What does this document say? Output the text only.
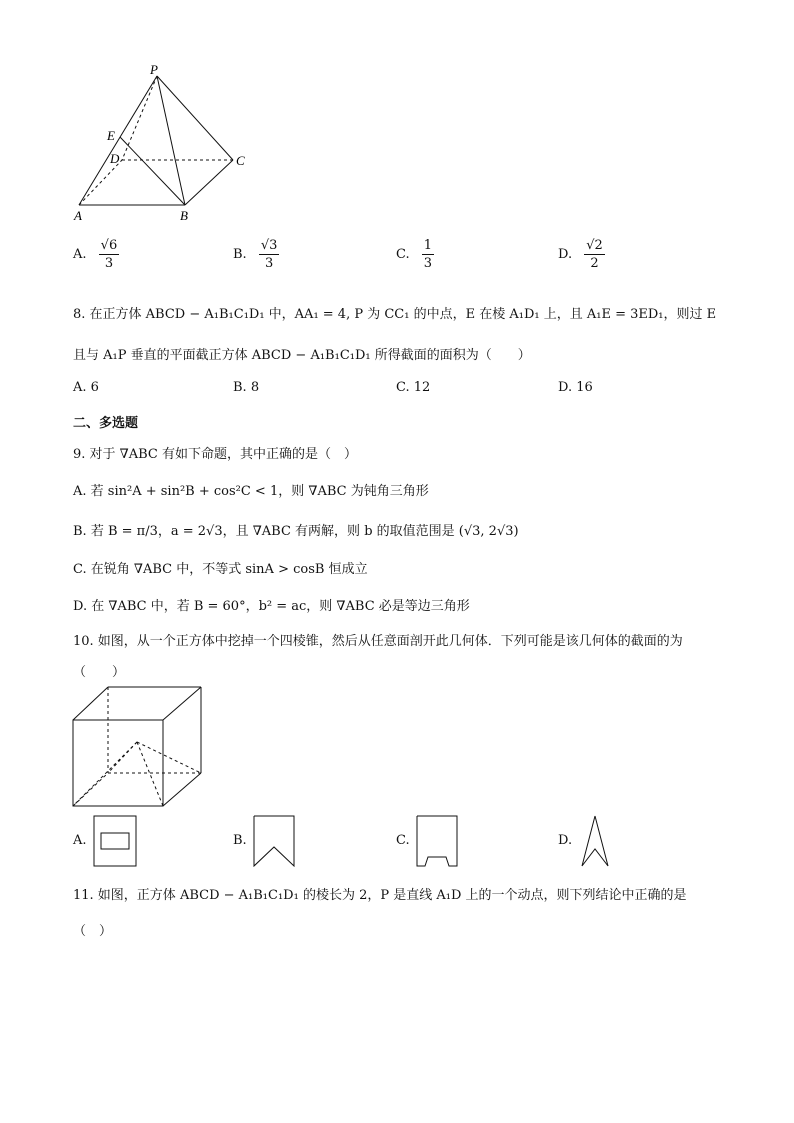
P
E
D	C
A	B
A. $\frac{√6}{3}$	B. $\frac{√3}{3}$	C. $\frac{1}{3}$	D. $\frac{√2}{2}$
8. 在正方体 ABCD − A₁B₁C₁D₁ 中，AA₁ = 4, P 为 CC₁ 的中点，E 在棱 A₁D₁ 上，且 A₁E = 3ED₁，则过 E
且与 A₁P 垂直的平面截正方体 ABCD − A₁B₁C₁D₁ 所得截面的面积为（　　）
A. 6	B. 8	C. 12	D. 16
二、多选题
9. 对于 ∇ABC 有如下命题，其中正确的是（　）
A. 若 sin²A + sin²B + cos²C < 1，则 ∇ABC 为钝角三角形
B. 若 B = π/3，a = 2√3，且 ∇ABC 有两解，则 b 的取值范围是 (√3, 2√3)
C. 在锐角 ∇ABC 中，不等式 sinA > cosB 恒成立
D. 在 ∇ABC 中，若 B = 60°，b² = ac，则 ∇ABC 必是等边三角形
10. 如图，从一个正方体中挖掉一个四棱锥，然后从任意面剖开此几何体．下列可能是该几何体的截面的为
（　　）
A.	B.	C.	D.
11. 如图，正方体 ABCD − A₁B₁C₁D₁ 的棱长为 2，P 是直线 A₁D 上的一个动点，则下列结论中正确的是
（　）
